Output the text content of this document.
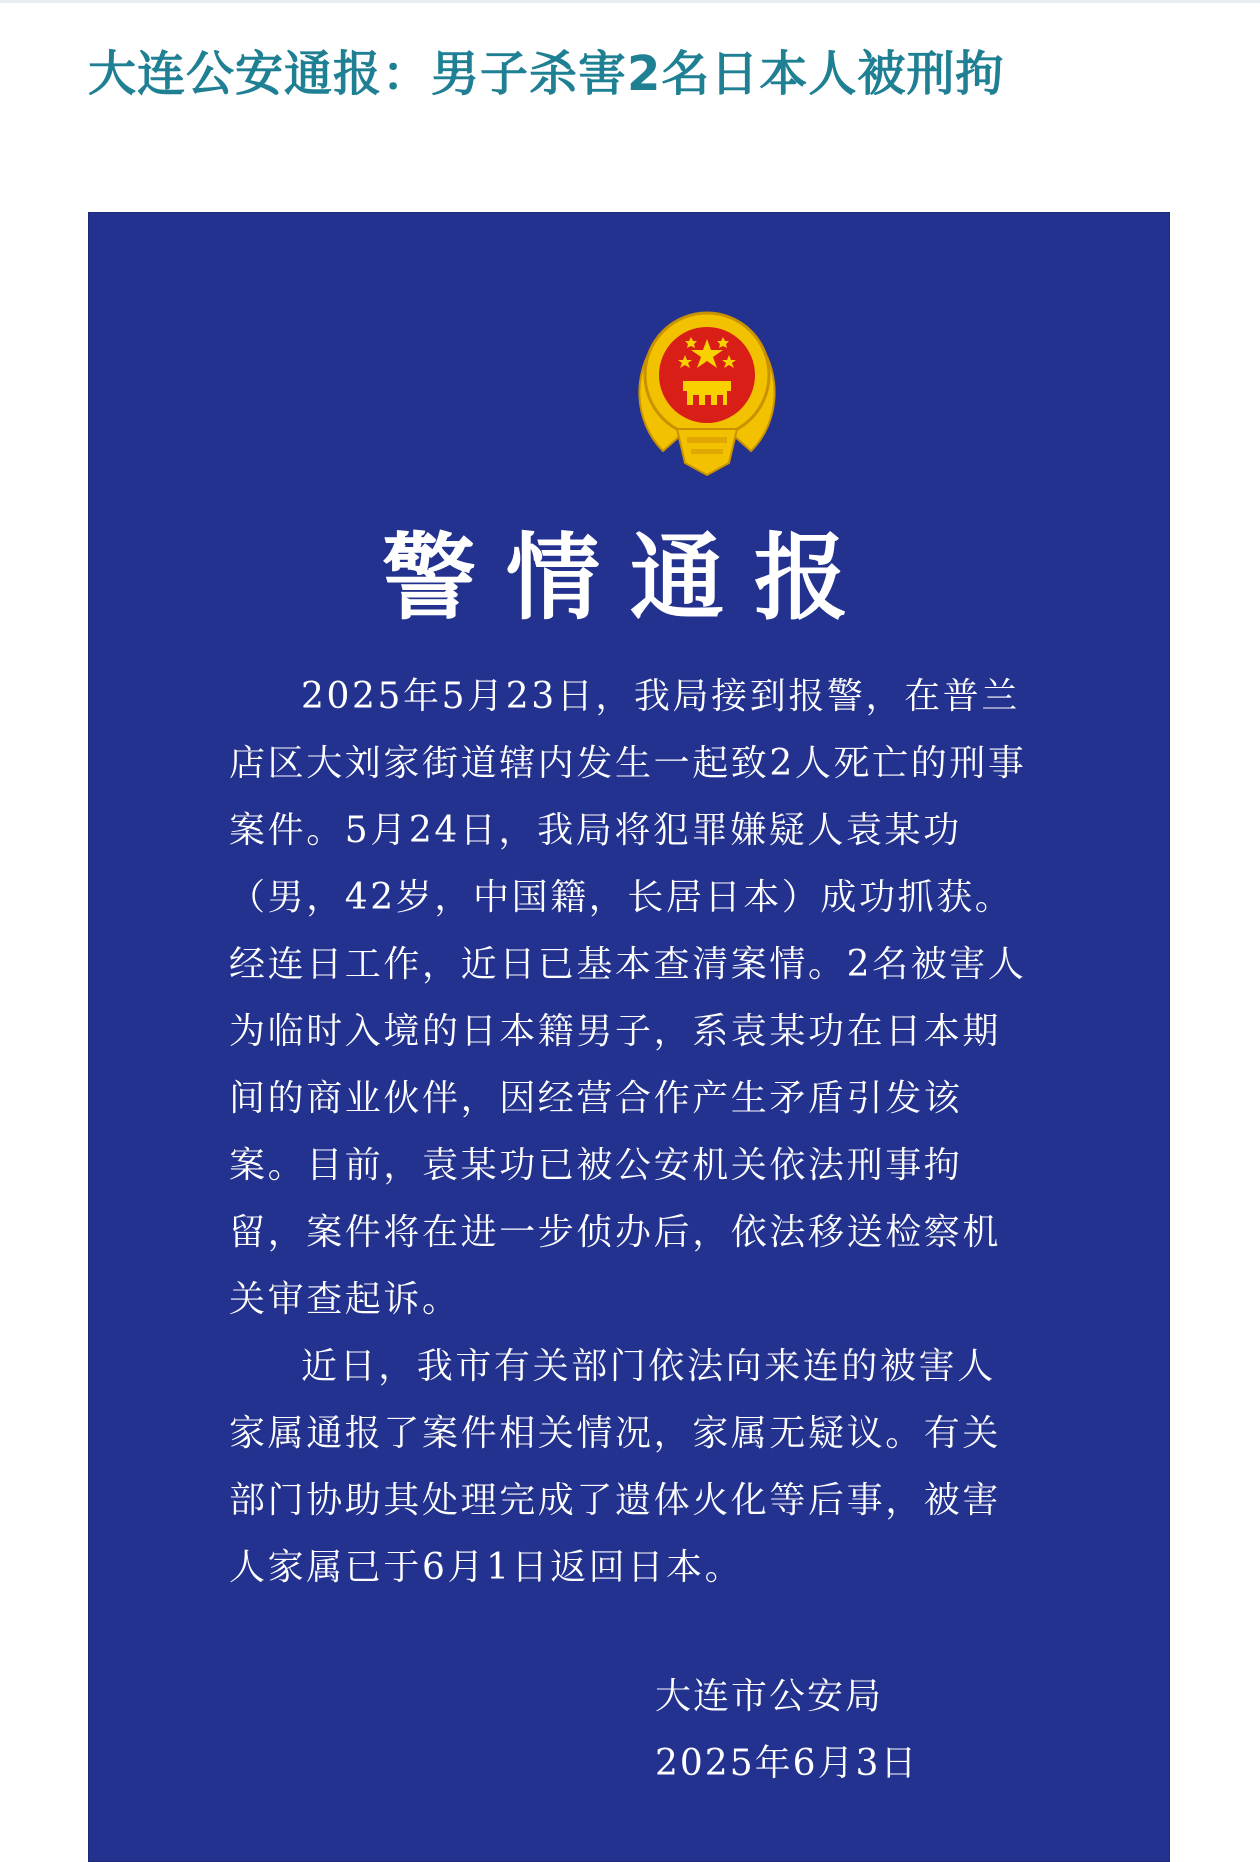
大连公安通报：男子杀害2名日本人被刑拘
警情通报

2025年5月23日，我局接到报警，在普兰店区大刘家街道辖内发生一起致2人死亡的刑事案件。5月24日，我局将犯罪嫌疑人袁某功（男，42岁，中国籍，长居日本）成功抓获。经连日工作，近日已基本查清案情。2名被害人为临时入境的日本籍男子，系袁某功在日本期间的商业伙伴，因经营合作产生矛盾引发该案。目前，袁某功已被公安机关依法刑事拘留，案件将在进一步侦办后，依法移送检察机关审查起诉。

近日，我市有关部门依法向来连的被害人家属通报了案件相关情况，家属无疑议。有关部门协助其处理完成了遗体火化等后事，被害人家属已于6月1日返回日本。

大连市公安局
2025年6月3日
